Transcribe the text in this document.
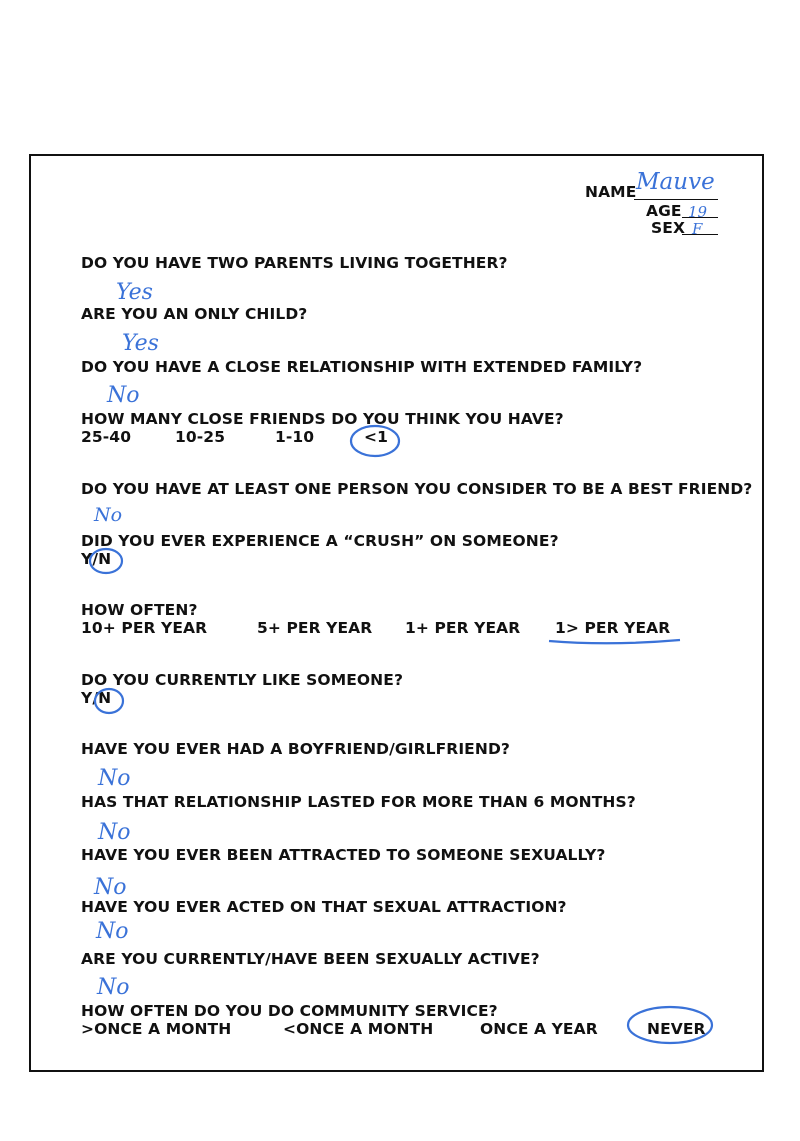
NAME Mauve
AGE 19
SEX F
DO YOU HAVE TWO PARENTS LIVING TOGETHER?
Yes
ARE YOU AN ONLY CHILD?
Yes
DO YOU HAVE A CLOSE RELATIONSHIP WITH EXTENDED FAMILY?
No
HOW MANY CLOSE FRIENDS DO YOU THINK YOU HAVE?
25-40	10-25	1-10	<1
DO YOU HAVE AT LEAST ONE PERSON YOU CONSIDER TO BE A BEST FRIEND?
No
DID YOU EVER EXPERIENCE A “CRUSH” ON SOMEONE?
Y/N
HOW OFTEN?
10+ PER YEAR	5+ PER YEAR 1+ PER YEAR 1> PER YEAR
DO YOU CURRENTLY LIKE SOMEONE?
Y/N
HAVE YOU EVER HAD A BOYFRIEND/GIRLFRIEND?
No
HAS THAT RELATIONSHIP LASTED FOR MORE THAN 6 MONTHS?
No
HAVE YOU EVER BEEN ATTRACTED TO SOMEONE SEXUALLY?
No
HAVE YOU EVER ACTED ON THAT SEXUAL ATTRACTION?
No
ARE YOU CURRENTLY/HAVE BEEN SEXUALLY ACTIVE?
No
HOW OFTEN DO YOU DO COMMUNITY SERVICE?
>ONCE A MONTH	<ONCE A MONTH	ONCE A YEAR	NEVER
